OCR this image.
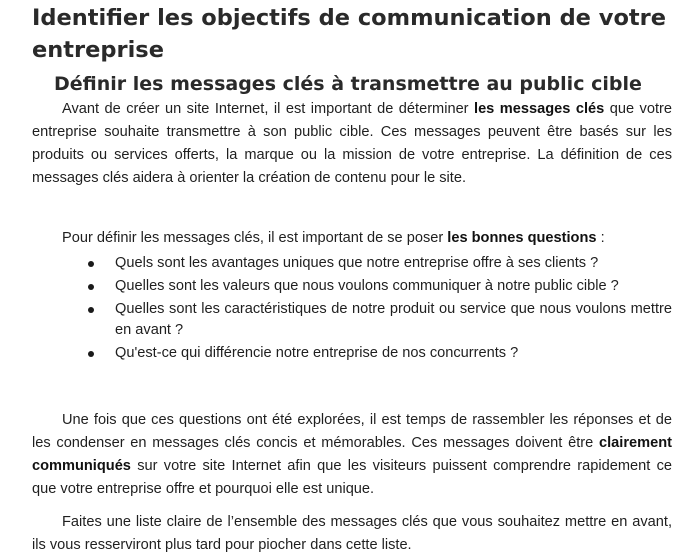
Identifier les objectifs de communication de votre entreprise
Définir les messages clés à transmettre au public cible

Avant de créer un site Internet, il est important de déterminer les messages clés que votre entreprise souhaite transmettre à son public cible. Ces messages peuvent être basés sur les produits ou services offerts, la marque ou la mission de votre entreprise. La définition de ces messages clés aidera à orienter la création de contenu pour le site.

Pour définir les messages clés, il est important de se poser les bonnes questions :

Quels sont les avantages uniques que notre entreprise offre à ses clients ?
Quelles sont les valeurs que nous voulons communiquer à notre public cible ?
Quelles sont les caractéristiques de notre produit ou service que nous voulons mettre en avant ?
Qu'est-ce qui différencie notre entreprise de nos concurrents ?

Une fois que ces questions ont été explorées, il est temps de rassembler les réponses et de les condenser en messages clés concis et mémorables. Ces messages doivent être clairement communiqués sur votre site Internet afin que les visiteurs puissent comprendre rapidement ce que votre entreprise offre et pourquoi elle est unique.

Faites une liste claire de l’ensemble des messages clés que vous souhaitez mettre en avant, ils vous resserviront plus tard pour piocher dans cette liste.
